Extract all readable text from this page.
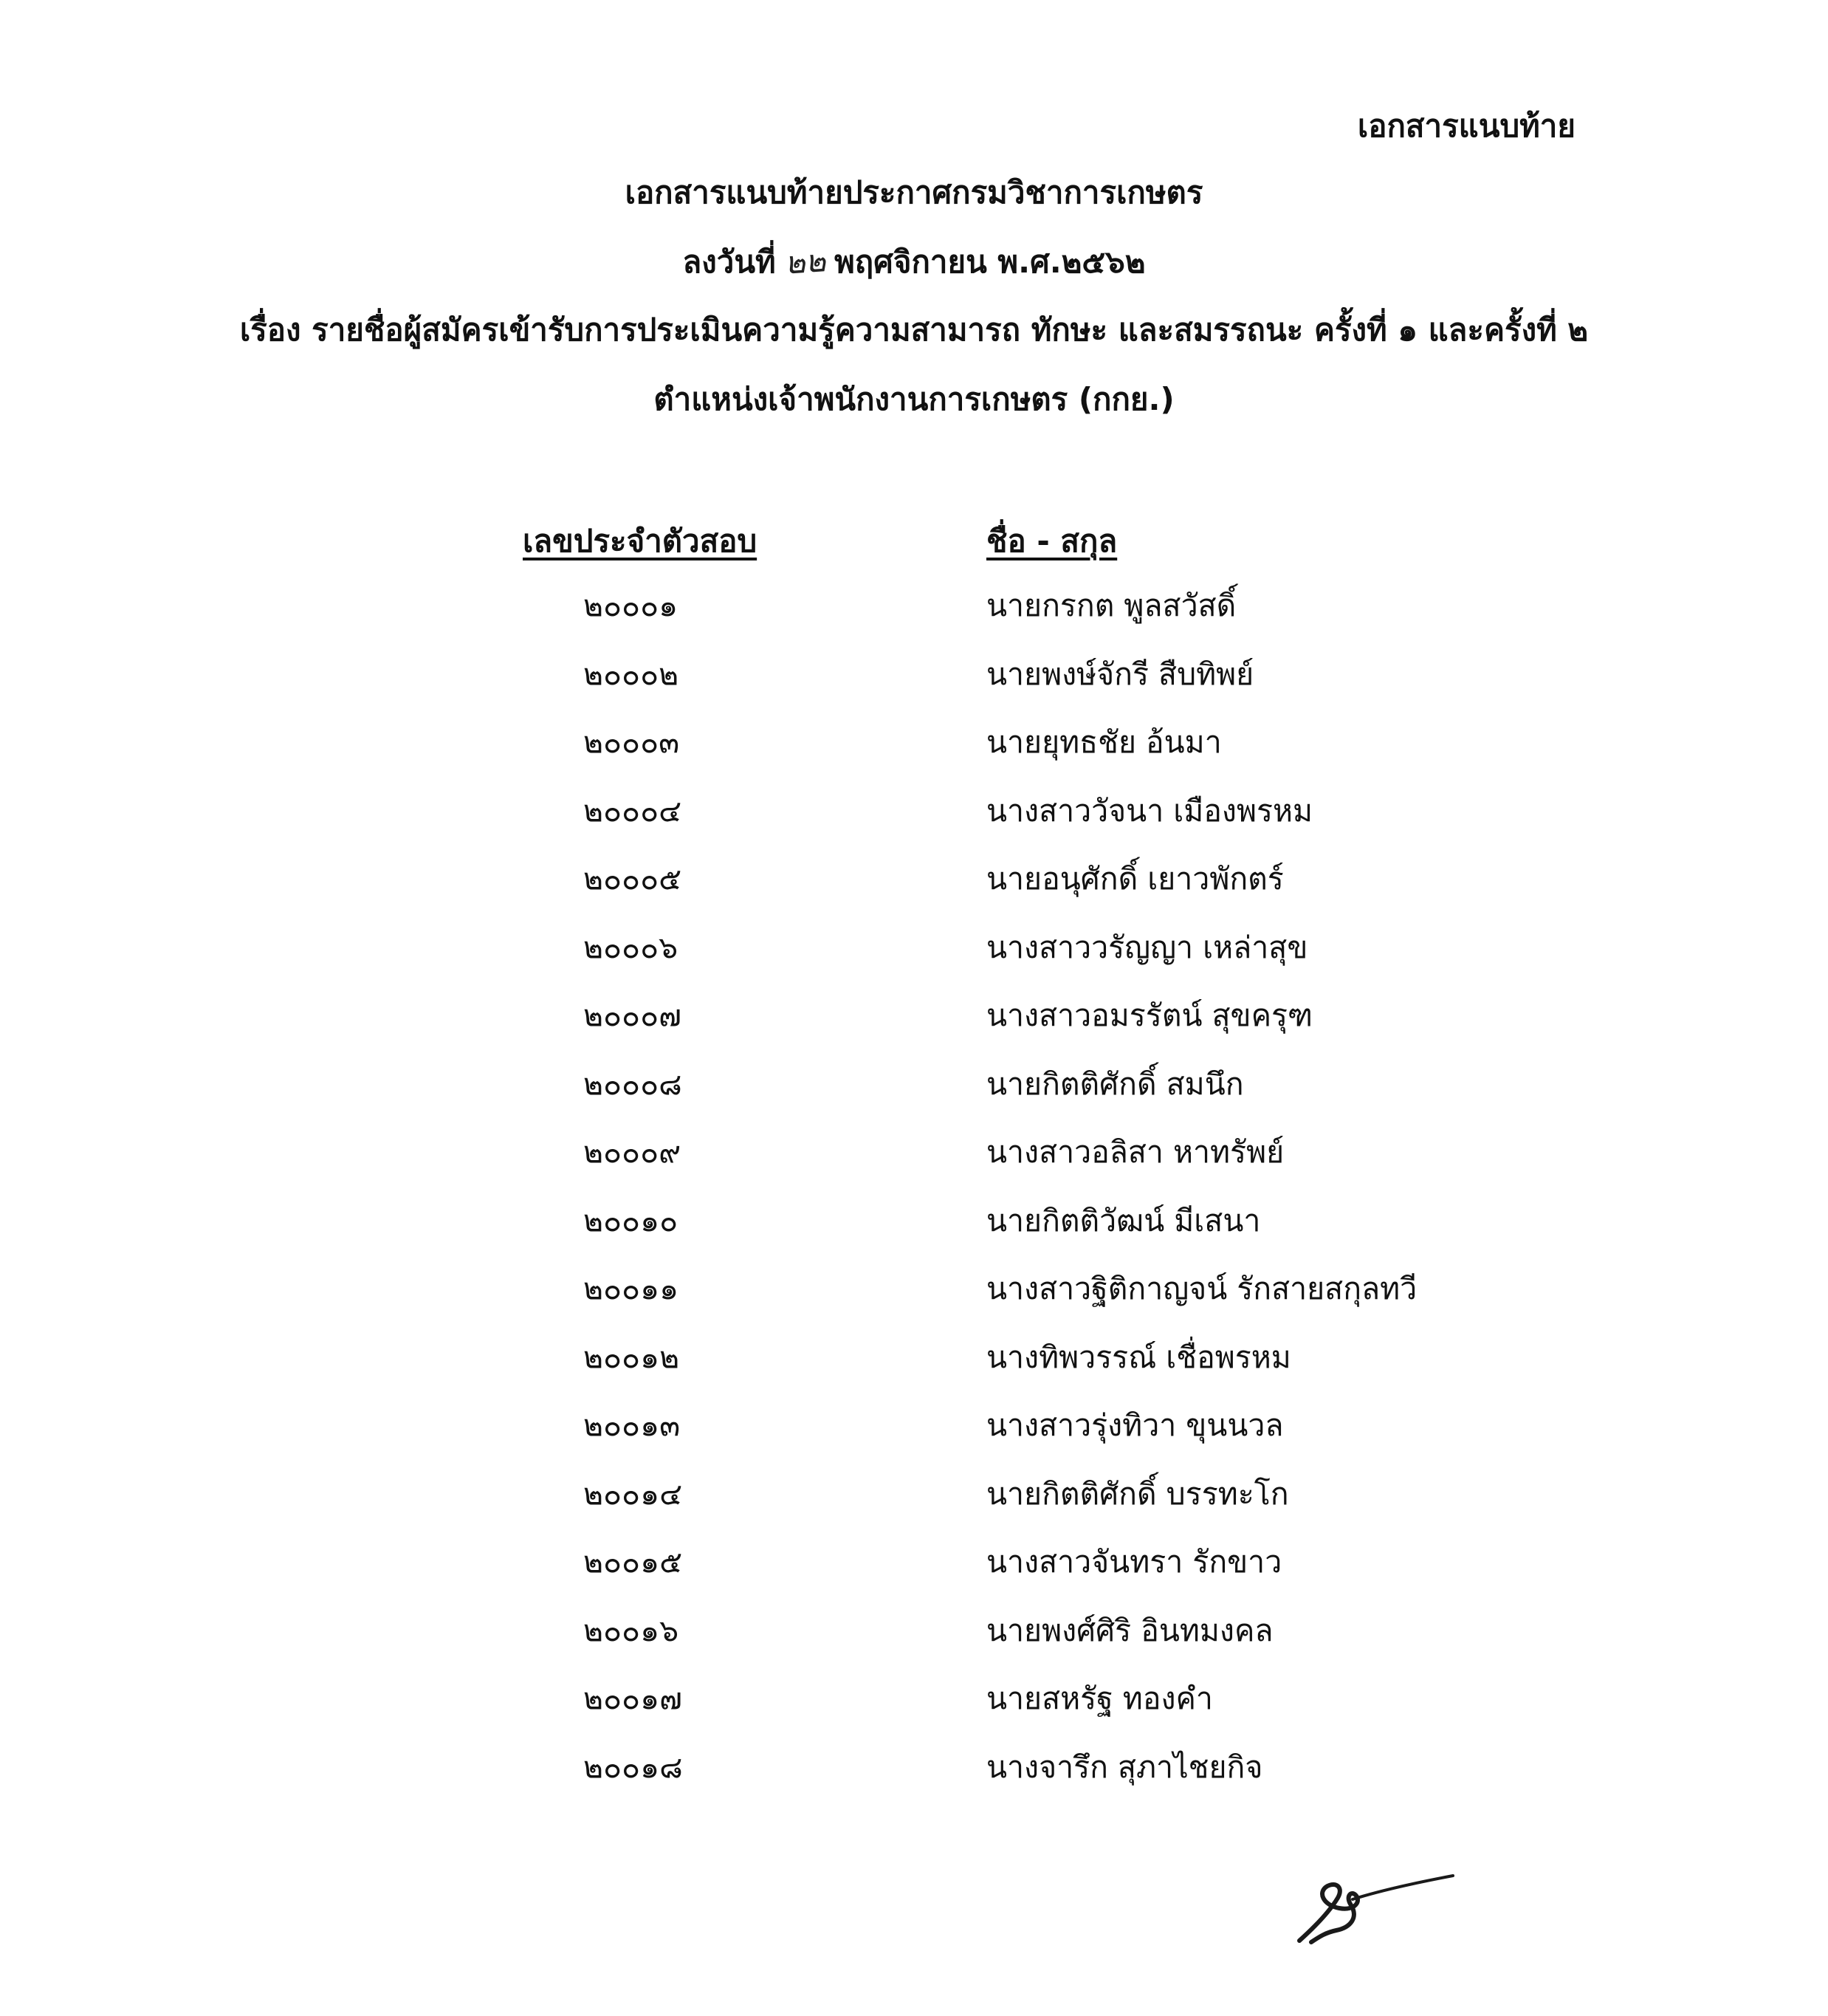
เอกสารแนบท้าย
เอกสารแนบท้ายประกาศกรมวิชาการเกษตร
ลงวันที่ ๒๒ พฤศจิกายน พ.ศ.๒๕๖๒
เรื่อง รายชื่อผู้สมัครเข้ารับการประเมินความรู้ความสามารถ ทักษะ และสมรรถนะ ครั้งที่ ๑ และครั้งที่ ๒
ตำแหน่งเจ้าพนักงานการเกษตร (กกย.)
เลขประจำตัวสอบ	ชื่อ - สกุล
๒๐๐๐๑	นายกรกต พูลสวัสดิ์
๒๐๐๐๒	นายพงษ์จักรี สืบทิพย์
๒๐๐๐๓	นายยุทธชัย อ้นมา
๒๐๐๐๔	นางสาววัจนา เมืองพรหม
๒๐๐๐๕	นายอนุศักดิ์ เยาวพักตร์
๒๐๐๐๖	นางสาววรัญญา เหล่าสุข
๒๐๐๐๗	นางสาวอมรรัตน์ สุขครุฑ
๒๐๐๐๘	นายกิตติศักดิ์ สมนึก
๒๐๐๐๙	นางสาวอลิสา หาทรัพย์
๒๐๐๑๐	นายกิตติวัฒน์ มีเสนา
๒๐๐๑๑	นางสาวฐิติกาญจน์ รักสายสกุลทวี
๒๐๐๑๒	นางทิพวรรณ์ เชื่อพรหม
๒๐๐๑๓	นางสาวรุ่งทิวา ขุนนวล
๒๐๐๑๔	นายกิตติศักดิ์ บรรทะโก
๒๐๐๑๕	นางสาวจันทรา รักขาว
๒๐๐๑๖	นายพงศ์ศิริ อินทมงคล
๒๐๐๑๗	นายสหรัฐ ทองคำ
๒๐๐๑๘	นางจารึก สุภาไชยกิจ
